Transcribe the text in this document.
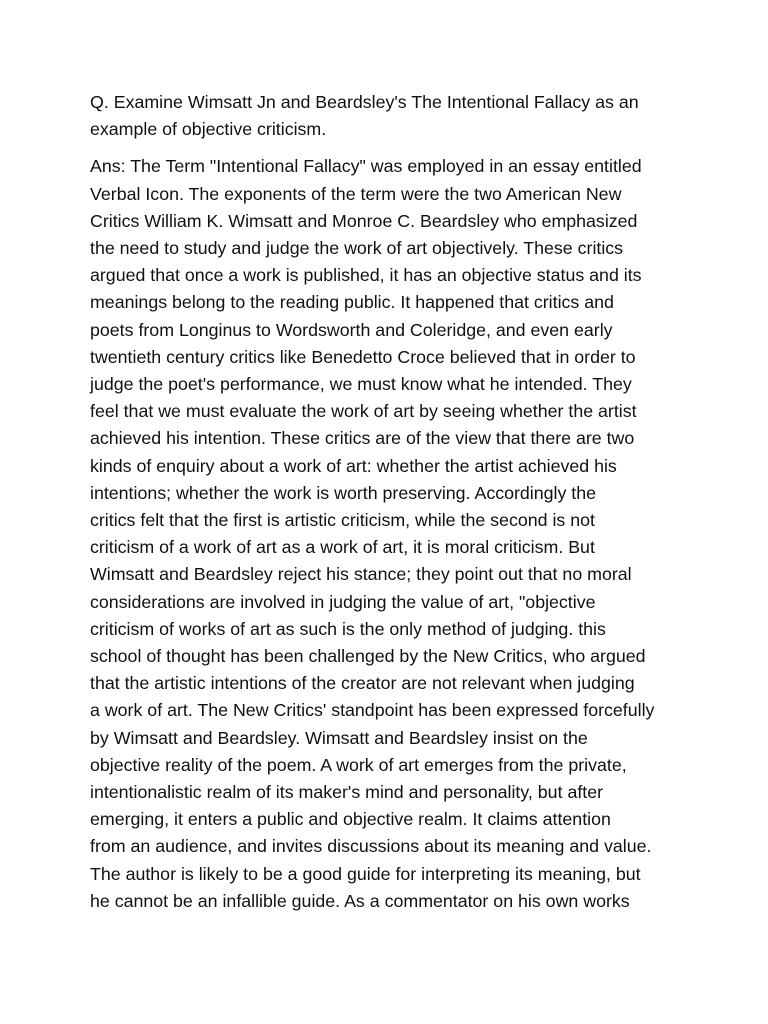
Q. Examine Wimsatt Jn and Beardsley's The Intentional Fallacy as an
example of objective criticism.
Ans: The Term "Intentional Fallacy" was employed in an essay entitled
Verbal Icon. The exponents of the term were the two American New
Critics William K. Wimsatt and Monroe C. Beardsley who emphasized
the need to study and judge the work of art objectively. These critics
argued that once a work is published, it has an objective status and its
meanings belong to the reading public. It happened that critics and
poets from Longinus to Wordsworth and Coleridge, and even early
twentieth century critics like Benedetto Croce believed that in order to
judge the poet's performance, we must know what he intended. They
feel that we must evaluate the work of art by seeing whether the artist
achieved his intention. These critics are of the view that there are two
kinds of enquiry about a work of art: whether the artist achieved his
intentions; whether the work is worth preserving. Accordingly the
critics felt that the first is artistic criticism, while the second is not
criticism of a work of art as a work of art, it is moral criticism. But
Wimsatt and Beardsley reject his stance; they point out that no moral
considerations are involved in judging the value of art, "objective
criticism of works of art as such is the only method of judging. this
school of thought has been challenged by the New Critics, who argued
that the artistic intentions of the creator are not relevant when judging
a work of art. The New Critics' standpoint has been expressed forcefully
by Wimsatt and Beardsley. Wimsatt and Beardsley insist on the
objective reality of the poem. A work of art emerges from the private,
intentionalistic realm of its maker's mind and personality, but after
emerging, it enters a public and objective realm. It claims attention
from an audience, and invites discussions about its meaning and value.
The author is likely to be a good guide for interpreting its meaning, but
he cannot be an infallible guide. As a commentator on his own works
